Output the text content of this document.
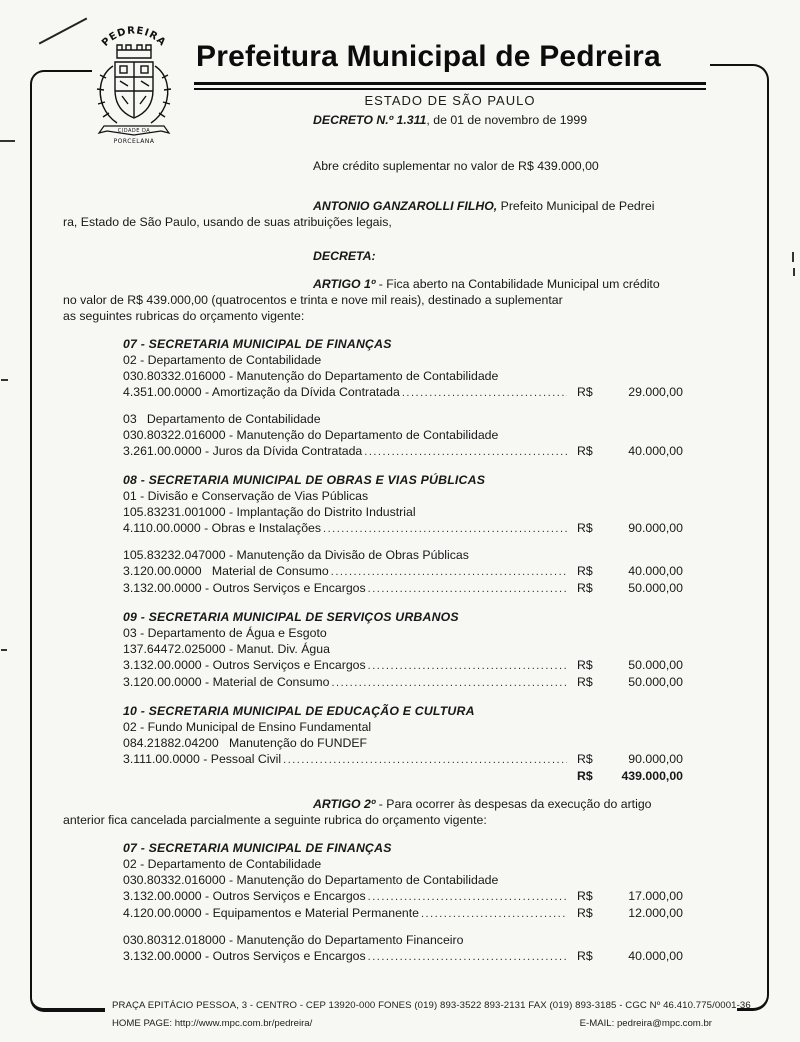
PEDREIRA
CIDADE DA
PORCELANA
Prefeitura Municipal de Pedreira
ESTADO DE SÃO PAULO

DECRETO N.º 1.311, de 01 de novembro de 1999

Abre crédito suplementar no valor de R$ 439.000,00

ANTONIO GANZAROLLI FILHO, Prefeito Municipal de Pedrei
ra, Estado de São Paulo, usando de suas atribuições legais,

DECRETA:

ARTIGO 1º - Fica aberto na Contabilidade Municipal um crédito
no valor de R$ 439.000,00 (quatrocentos e trinta e nove mil reais), destinado a suplementar
as seguintes rubricas do orçamento vigente:

07 - SECRETARIA MUNICIPAL DE FINANÇAS
02 - Departamento de Contabilidade
030.80332.016000 - Manutenção do Departamento de Contabilidade
4.351.00.0000 - Amortização da Dívida Contratada .....	R$	29.000,00
03   Departamento de Contabilidade
030.80322.016000 - Manutenção do Departamento de Contabilidade
3.261.00.0000 - Juros da Dívida Contratada .....	R$	40.000,00
08 - SECRETARIA MUNICIPAL DE OBRAS E VIAS PÚBLICAS
01 - Divisão e Conservação de Vias Públicas
105.83231.001000 - Implantação do Distrito Industrial
4.110.00.0000 - Obras e Instalações .....	R$	90.000,00
105.83232.047000 - Manutenção da Divisão de Obras Públicas
3.120.00.0000   Material de Consumo .....	R$	40.000,00
3.132.00.0000 - Outros Serviços e Encargos .....	R$	50.000,00
09 - SECRETARIA MUNICIPAL DE SERVIÇOS URBANOS
03 - Departamento de Água e Esgoto
137.64472.025000 - Manut. Div. Água
3.132.00.0000 - Outros Serviços e Encargos .....	R$	50.000,00
3.120.00.0000 - Material de Consumo .....	R$	50.000,00
10 - SECRETARIA MUNICIPAL DE EDUCAÇÃO E CULTURA
02 - Fundo Municipal de Ensino Fundamental
084.21882.04200   Manutenção do FUNDEF
3.111.00.0000 - Pessoal Civil .....	R$	90.000,00
R$	439.000,00

ARTIGO 2º - Para ocorrer às despesas da execução do artigo
anterior fica cancelada parcialmente a seguinte rubrica do orçamento vigente:

07 - SECRETARIA MUNICIPAL DE FINANÇAS
02 - Departamento de Contabilidade
030.80332.016000 - Manutenção do Departamento de Contabilidade
3.132.00.0000 - Outros Serviços e Encargos .....	R$	17.000,00
4.120.00.0000 - Equipamentos e Material Permanente .....	R$	12.000,00
030.80312.018000 - Manutenção do Departamento Financeiro
3.132.00.0000 - Outros Serviços e Encargos .....	R$	40.000,00
PRAÇA EPITÁCIO PESSOA, 3 - CENTRO - CEP 13920-000 FONES (019) 893-3522 893-2131 FAX (019) 893-3185 - CGC Nº 46.410.775/0001-36
HOME PAGE: http://www.mpc.com.br/pedreira/	E-MAIL: pedreira@mpc.com.br
